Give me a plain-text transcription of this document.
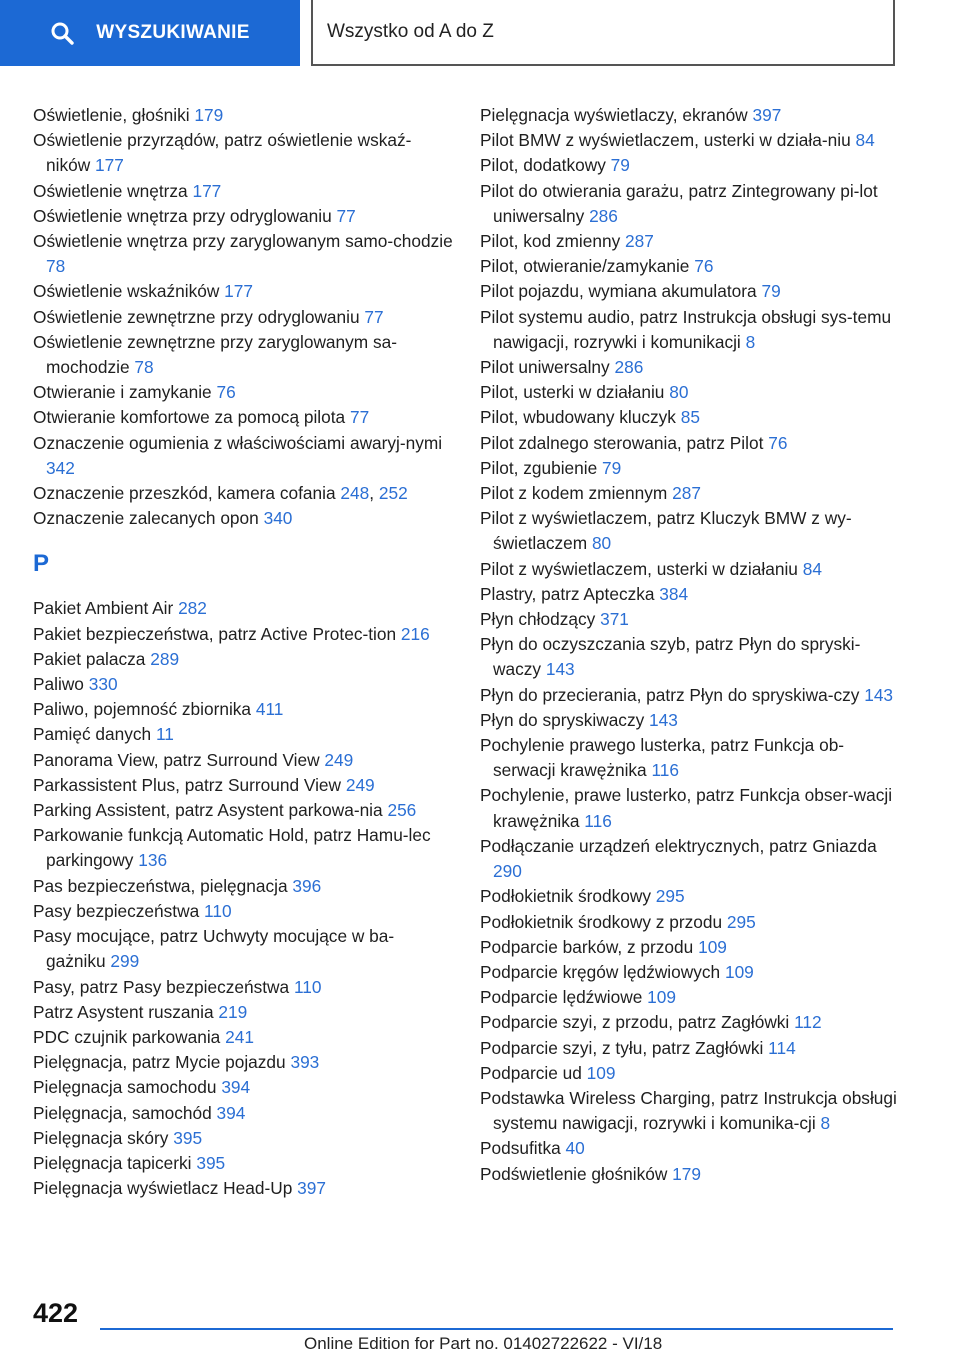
WYSZUKIWANIE	Wszystko od A do Z
Oświetlenie, głośniki 179
Oświetlenie przyrządów, patrz oświetlenie wskaź-ników 177
Oświetlenie wnętrza 177
Oświetlenie wnętrza przy odryglowaniu 77
Oświetlenie wnętrza przy zaryglowanym samo-chodzie 78
Oświetlenie wskaźników 177
Oświetlenie zewnętrzne przy odryglowaniu 77
Oświetlenie zewnętrzne przy zaryglowanym sa-mochodzie 78
Otwieranie i zamykanie 76
Otwieranie komfortowe za pomocą pilota 77
Oznaczenie ogumienia z właściwościami awaryj-nymi 342
Oznaczenie przeszkód, kamera cofania 248, 252
Oznaczenie zalecanych opon 340
P
Pakiet Ambient Air 282
Pakiet bezpieczeństwa, patrz Active Protec-tion 216
Pakiet palacza 289
Paliwo 330
Paliwo, pojemność zbiornika 411
Pamięć danych 11
Panorama View, patrz Surround View 249
Parkassistent Plus, patrz Surround View 249
Parking Assistent, patrz Asystent parkowa-nia 256
Parkowanie funkcją Automatic Hold, patrz Hamu-lec parkingowy 136
Pas bezpieczeństwa, pielęgnacja 396
Pasy bezpieczeństwa 110
Pasy mocujące, patrz Uchwyty mocujące w ba-gażniku 299
Pasy, patrz Pasy bezpieczeństwa 110
Patrz Asystent ruszania 219
PDC czujnik parkowania 241
Pielęgnacja, patrz Mycie pojazdu 393
Pielęgnacja samochodu 394
Pielęgnacja, samochód 394
Pielęgnacja skóry 395
Pielęgnacja tapicerki 395
Pielęgnacja wyświetlacz Head-Up 397
Pielęgnacja wyświetlaczy, ekranów 397
Pilot BMW z wyświetlaczem, usterki w działa-niu 84
Pilot, dodatkowy 79
Pilot do otwierania garażu, patrz Zintegrowany pi-lot uniwersalny 286
Pilot, kod zmienny 287
Pilot, otwieranie/zamykanie 76
Pilot pojazdu, wymiana akumulatora 79
Pilot systemu audio, patrz Instrukcja obsługi sys-temu nawigacji, rozrywki i komunikacji 8
Pilot uniwersalny 286
Pilot, usterki w działaniu 80
Pilot, wbudowany kluczyk 85
Pilot zdalnego sterowania, patrz Pilot 76
Pilot, zgubienie 79
Pilot z kodem zmiennym 287
Pilot z wyświetlaczem, patrz Kluczyk BMW z wy-świetlaczem 80
Pilot z wyświetlaczem, usterki w działaniu 84
Plastry, patrz Apteczka 384
Płyn chłodzący 371
Płyn do oczyszczania szyb, patrz Płyn do spryski-waczy 143
Płyn do przecierania, patrz Płyn do spryskiwa-czy 143
Płyn do spryskiwaczy 143
Pochylenie prawego lusterka, patrz Funkcja ob-serwacji krawężnika 116
Pochylenie, prawe lusterko, patrz Funkcja obser-wacji krawężnika 116
Podłączanie urządzeń elektrycznych, patrz Gniazda 290
Podłokietnik środkowy 295
Podłokietnik środkowy z przodu 295
Podparcie barków, z przodu 109
Podparcie kręgów lędźwiowych 109
Podparcie lędźwiowe 109
Podparcie szyi, z przodu, patrz Zagłówki 112
Podparcie szyi, z tyłu, patrz Zagłówki 114
Podparcie ud 109
Podstawka Wireless Charging, patrz Instrukcja obsługi systemu nawigacji, rozrywki i komunika-cji 8
Podsufitka 40
Podświetlenie głośników 179
422
Online Edition for Part no. 01402722622 - VI/18
